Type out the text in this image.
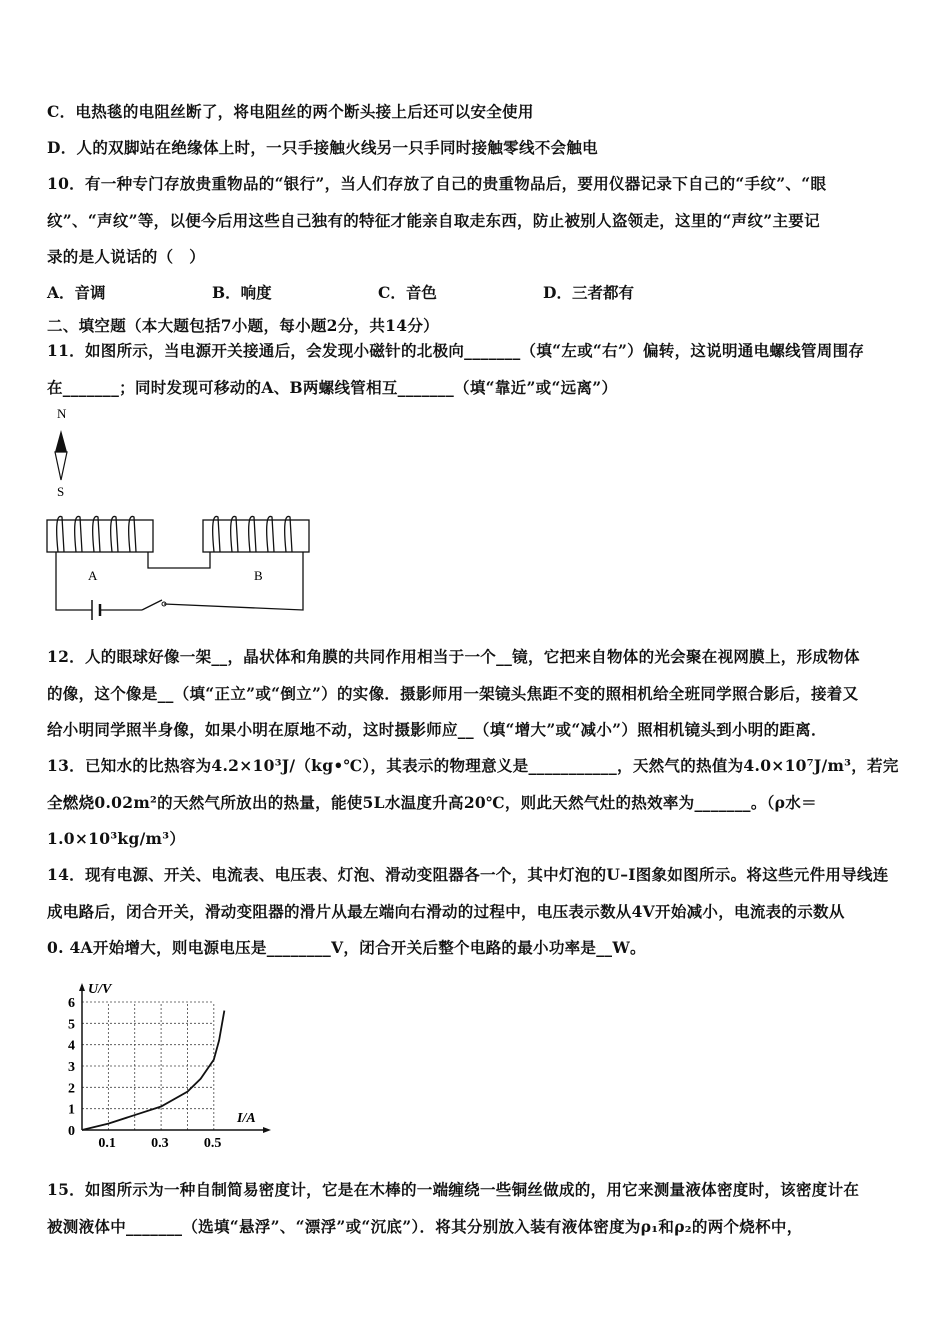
C．电热毯的电阻丝断了，将电阻丝的两个断头接上后还可以安全使用
D．人的双脚站在绝缘体上时，一只手接触火线另一只手同时接触零线不会触电
10．有一种专门存放贵重物品的“银行”，当人们存放了自己的贵重物品后，要用仪器记录下自己的“手纹”、“眼
纹”、“声纹”等，以便今后用这些自己独有的特征才能亲自取走东西，防止被别人盗领走，这里的“声纹”主要记
录的是人说话的（　）
A．音调	B．响度	C．音色	D．三者都有
二、填空题（本大题包括7小题，每小题2分，共14分）
11．如图所示，当电源开关接通后，会发现小磁针的北极向_______（填“左或“右”）偏转，这说明通电螺线管周围存
在_______；同时发现可移动的A、B两螺线管相互_______（填“靠近”或“远离”）
N
S
A	B
12．人的眼球好像一架__，晶状体和角膜的共同作用相当于一个__镜，它把来自物体的光会聚在视网膜上，形成物体
的像，这个像是__（填“正立”或“倒立”）的实像．摄影师用一架镜头焦距不变的照相机给全班同学照合影后，接着又
给小明同学照半身像，如果小明在原地不动，这时摄影师应__（填“增大”或“减小”）照相机镜头到小明的距离．
13．已知水的比热容为4.2×10³J/（kg•℃），其表示的物理意义是___________，天然气的热值为4.0×10⁷J/m³，若完
全燃烧0.02m²的天然气所放出的热量，能使5L水温度升高20℃，则此天然气灶的热效率为_______。（ρ水＝
1.0×10³kg/m³）
14．现有电源、开关、电流表、电压表、灯泡、滑动变阻器各一个，其中灯泡的U–I图象如图所示。将这些元件用导线连
成电路后，闭合开关，滑动变阻器的滑片从最左端向右滑动的过程中，电压表示数从4V开始减小，电流表的示数从
0. 4A开始增大，则电源电压是________V，闭合开关后整个电路的最小功率是__W。
0
1
2
3
4
5
6
0.1	0.3	0.5
U/V
I/A
15．如图所示为一种自制简易密度计，它是在木棒的一端缠绕一些铜丝做成的，用它来测量液体密度时，该密度计在
被测液体中_______（选填“悬浮”、“漂浮”或“沉底”）．将其分别放入装有液体密度为ρ₁和ρ₂的两个烧杯中，
